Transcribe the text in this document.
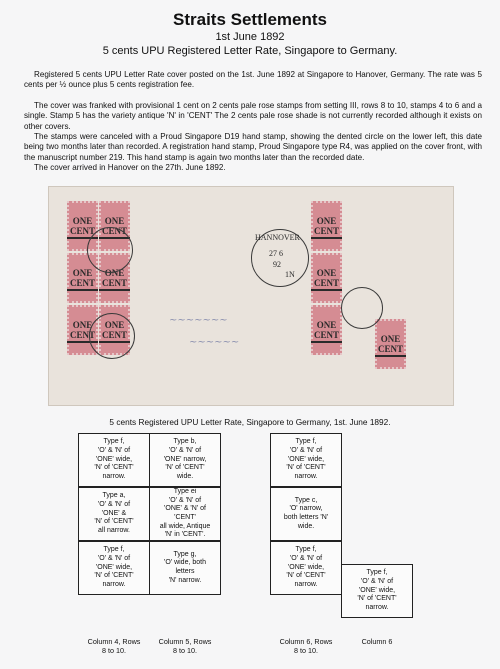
Straits Settlements
1st June 1892
5 cents UPU Registered Letter Rate, Singapore to Germany.

Registered 5 cents UPU Letter Rate cover posted on the 1st. June 1892 at Singapore to Hanover, Germany. The rate was 5 cents per ½ ounce plus 5 cents registration fee.

The cover was franked with provisional 1 cent on 2 cents pale rose stamps from setting III, rows 8 to 10, stamps 4 to 6 and a single. Stamp 5 has the variety antique 'N' in 'CENT' The 2 cents pale rose shade is not currently recorded although it exists on other covers.

The stamps were canceled with a Proud Singapore D19 hand stamp, showing the dented circle on the lower left, this date being two months later than recorded. A registration hand stamp, Proud Singapore type R4, was applied on the cover front, with the manuscript number 219. This hand stamp is again two months later than the recorded date.

The cover arrived in Hanover on the 27th. June 1892.

ONE
CENT
ONE
CENT
ONE
CENT
ONE
CENT
ONE
CENT
ONE
CENT
ONE
CENT
ONE
CENT
ONE
CENT	ONE
CENT
HANNOVER
27 6
92
1N
~~~~~~~
~~~~~~
5 cents Registered UPU Letter Rate, Singapore to Germany, 1st. June 1892.
Type f,
'O' & 'N' of
'ONE' wide,
'N' of 'CENT'
narrow.
Type a,
'O' & 'N' of
'ONE' &
'N' of 'CENT'
all narrow.
Type f,
'O' & 'N' of
'ONE' wide,
'N' of 'CENT'
narrow.
Type b,
'O' & 'N' of
'ONE' narrow,
'N' of 'CENT'
wide.
Type ei
'O' & 'N' of
'ONE' & 'N' of
'CENT'
all wide, Antique
'N' in 'CENT'.
Type g,
'O' wide, both
letters
'N' narrow.
Type f,
'O' & 'N' of
'ONE' wide,
'N' of 'CENT'
narrow.
Type c,
'O' narrow,
both letters 'N'
wide.
Type f,
'O' & 'N' of
'ONE' wide,
'N' of 'CENT'
narrow.
Type f,
'O' & 'N' of
'ONE' wide,
'N' of 'CENT'
narrow.
Column 4, Rows
8 to 10.
Column 5, Rows
8 to 10.
Column 6, Rows
8 to 10.
Column 6
